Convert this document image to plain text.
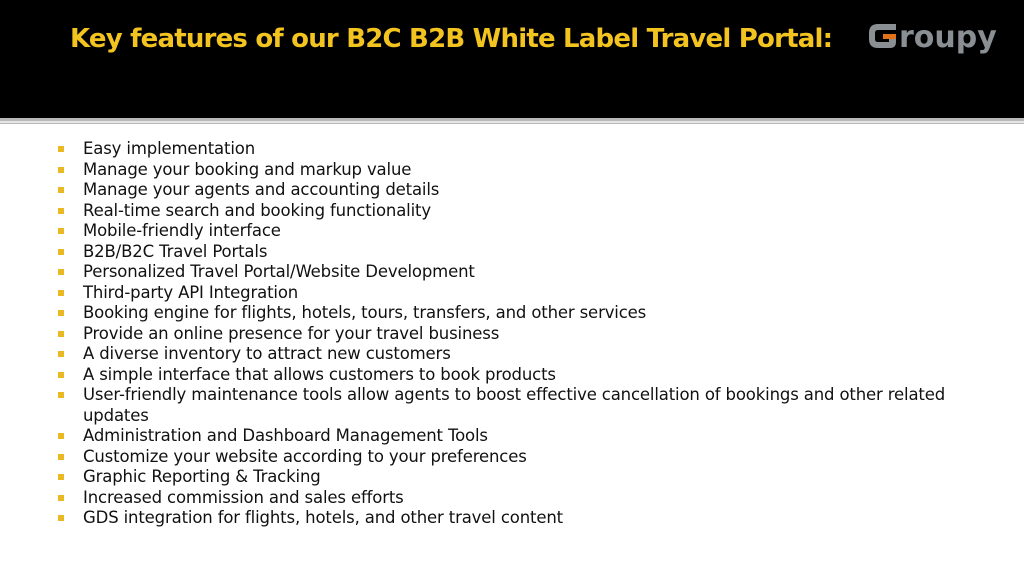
Key features of our B2C B2B White Label Travel Portal: roupy
Easy implementation
Manage your booking and markup value
Manage your agents and accounting details
Real-time search and booking functionality
Mobile-friendly interface
B2B/B2C Travel Portals
Personalized Travel Portal/Website Development
Third-party API Integration
Booking engine for flights, hotels, tours, transfers, and other services
Provide an online presence for your travel business
A diverse inventory to attract new customers
A simple interface that allows customers to book products
User-friendly maintenance tools allow agents to boost effective cancellation of bookings and other related updates
Administration and Dashboard Management Tools
Customize your website according to your preferences
Graphic Reporting & Tracking
Increased commission and sales efforts
GDS integration for flights, hotels, and other travel content
